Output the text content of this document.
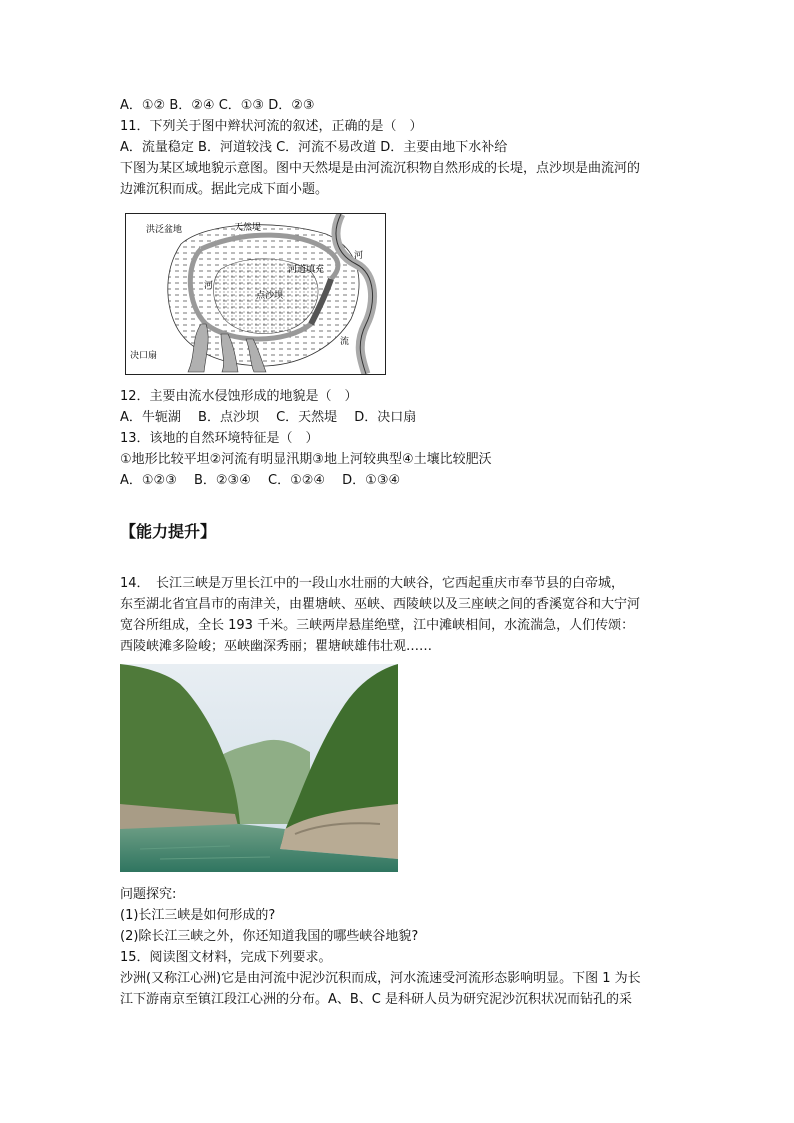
A．①② B．②④ C．①③ D．②③
11．下列关于图中辫状河流的叙述，正确的是（　）
A．流量稳定 B．河道较浅 C．河流不易改道 D．主要由地下水补给
下图为某区域地貌示意图。图中天然堤是由河流沉积物自然形成的长堤，点沙坝是曲流河的
边滩沉积而成。据此完成下面小题。
洪泛盆地	天然堤
河道填充
点沙坝
河
河
流
决口扇
12．主要由流水侵蚀形成的地貌是（　）
A．牛轭湖　 B．点沙坝　 C．天然堤　 D．决口扇
13．该地的自然环境特征是（　）
①地形比较平坦②河流有明显汛期③地上河较典型④土壤比较肥沃
A．①②③　 B．②③④　 C．①②④　 D．①③④
【能力提升】
14．　长江三峡是万里长江中的一段山水壮丽的大峡谷，它西起重庆市奉节县的白帝城，
东至湖北省宜昌市的南津关，由瞿塘峡、巫峡、西陵峡以及三座峡之间的香溪宽谷和大宁河
宽谷所组成，全长 193 千米。三峡两岸悬崖绝壁，江中滩峡相间，水流湍急，人们传颂：
西陵峡滩多险峻；巫峡幽深秀丽；瞿塘峡雄伟壮观……
问题探究:
(1)长江三峡是如何形成的?
(2)除长江三峡之外，你还知道我国的哪些峡谷地貌?
15．阅读图文材料，完成下列要求。
沙洲(又称江心洲)它是由河流中泥沙沉积而成，河水流速受河流形态影响明显。下图 1 为长
江下游南京至镇江段江心洲的分布。A、B、C 是科研人员为研究泥沙沉积状况而钻孔的采
